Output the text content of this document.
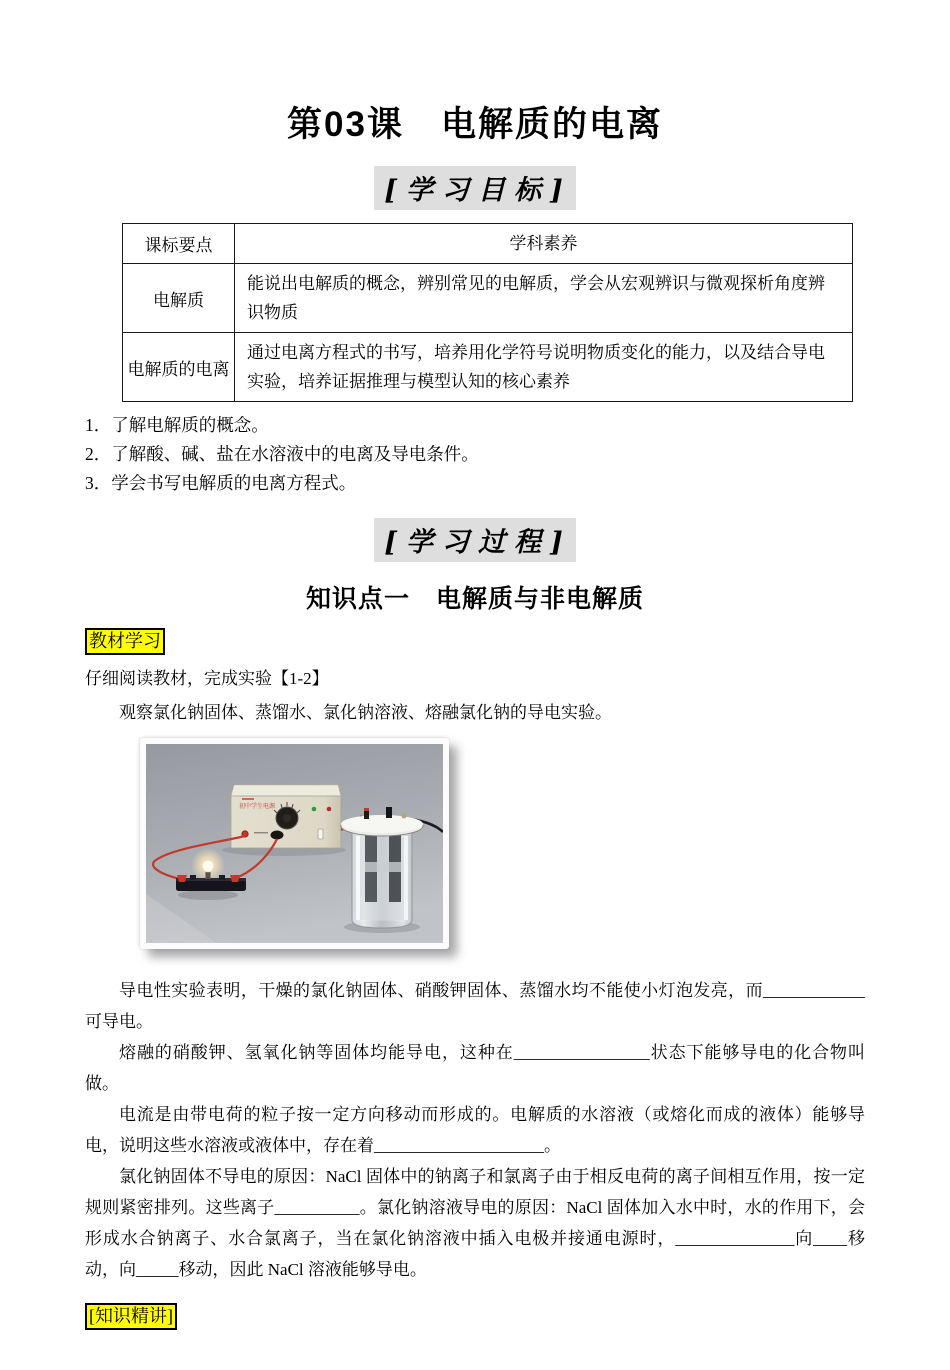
第03课　电解质的电离
[学习目标]
课标要点	学科素养
电解质	能说出电解质的概念，辨别常见的电解质，学会从宏观辨识与微观探析角度辨识物质
电解质的电离	通过电离方程式的书写，培养用化学符号说明物质变化的能力，以及结合导电实验，培养证据推理与模型认知的核心素养

1．了解电解质的概念。

2．了解酸、碱、盐在水溶液中的电离及导电条件。

3．学会书写电解质的电离方程式。

[学习过程]
知识点一　电解质与非电解质
教材学习

仔细阅读教材，完成实验【1-2】

观察氯化钠固体、蒸馏水、氯化钠溶液、熔融氯化钠的导电实验。

初中学生电源

导电性实验表明，干燥的氯化钠固体、硝酸钾固体、蒸馏水均不能使小灯泡发亮，而____________可导电。

熔融的硝酸钾、氢氧化钠等固体均能导电，这种在________________状态下能够导电的化合物叫做。

电流是由带电荷的粒子按一定方向移动而形成的。电解质的水溶液（或熔化而成的液体）能够导电，说明这些水溶液或液体中，存在着____________________。

氯化钠固体不导电的原因：NaCl 固体中的钠离子和氯离子由于相反电荷的离子间相互作用，按一定规则紧密排列。这些离子__________。氯化钠溶液导电的原因：NaCl 固体加入水中时，水的作用下，会形成水合钠离子、水合氯离子，当在氯化钠溶液中插入电极并接通电源时，______________向____移动，向_____移动，因此 NaCl 溶液能够导电。

[知识精讲]
